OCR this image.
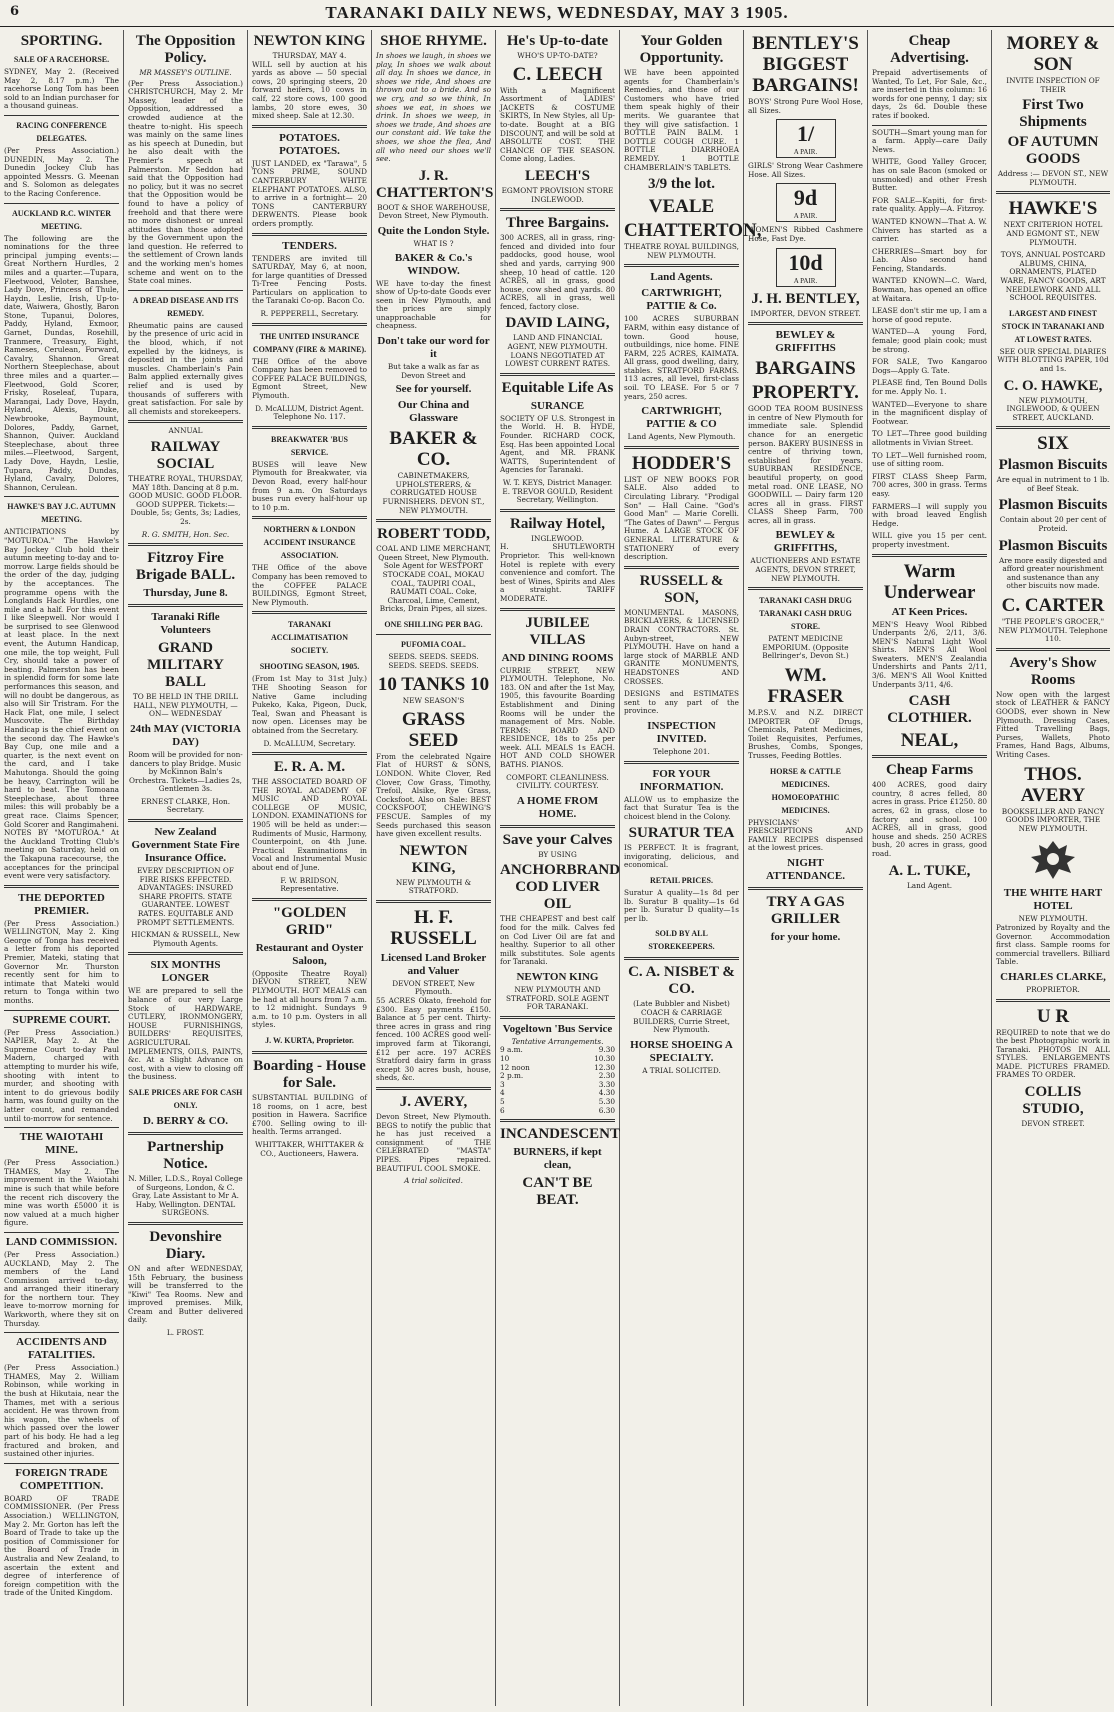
6	TARANAKI DAILY NEWS, WEDNESDAY, MAY 3 1905.
SPORTING.
SALE OF A RACEHORSE.
SYDNEY, May 2. (Received May 2, 8.17 p.m.) The racehorse Long Tom has been sold to an Indian purchaser for a thousand guineas.
RACING CONFERENCE DELEGATES.
(Per Press Association.) DUNEDIN, May 2. The Dunedin Jockey Club has appointed Messrs. G. Meenan and S. Solomon as delegates to the Racing Conference.
AUCKLAND R.C. WINTER MEETING.
The following are the nominations for the three principal jumping events:— Great Northern Hurdles, 2 miles and a quarter.—Tupara, Fleetwood, Veloter, Banshee, Lady Dove, Princess of Thule, Haydn, Leslie, Irish, Up-to-date, Waiwera, Ghostly, Baron Stone, Tupanui, Dolores, Paddy, Hyland, Exmoor, Garnet, Dundas, Rosehill, Tranmere, Treasury, Eight, Rameses, Cerulean, Forward, Cavalry, Shannon. Great Northern Steeplechase, about three miles and a quarter.—Fleetwood, Gold Scorer, Frisky, Roseleaf, Tupara, Marangai, Lady Dove, Haydn, Hyland, Alexis, Duke, Newbrooke, Baymount, Dolores, Paddy, Garnet, Shannon, Quiver. Auckland Steeplechase, about three miles.—Fleetwood, Sargent, Lady Dove, Haydn, Leslie, Tupara, Paddy, Dundas, Hyland, Cavalry, Dolores, Shannon, Cerulean.
HAWKE'S BAY J.C. AUTUMN MEETING.
ANTICIPATIONS by "MOTUROA." The Hawke's Bay Jockey Club hold their autumn meeting to-day and to-morrow. Large fields should be the order of the day, judging by the acceptances. The programme opens with the Longlands Hack Hurdles, one mile and a half. For this event I like Sleepwell. Nor would I be surprised to see Glenwood at least place. In the next event, the Autumn Handicap, one mile, the top weight, Full Cry, should take a power of beating. Palmerston has been in splendid form for some late performances this season, and will no doubt be dangerous, as also will Sir Tristram. For the Hack Flat, one mile, I select Muscovite. The Birthday Handicap is the chief event on the second day. The Hawke's Bay Cup, one mile and a quarter, is the next event on the card, and I take Mahutonga. Should the going be heavy, Carrington will be hard to beat. The Tomoana Steeplechase, about three miles: this will probably be a great race. Claims Spencer, Gold Scorer and Rangimaheni. NOTES BY "MOTUROA." At the Auckland Trotting Club's meeting on Saturday, held on the Takapuna racecourse, the acceptances for the principal event were very satisfactory.
THE DEPORTED PREMIER.
(Per Press Association.) WELLINGTON, May 2. King George of Tonga has received a letter from his deported Premier, Mateki, stating that Governor Mr. Thurston recently sent for him to intimate that Mateki would return to Tonga within two months.
SUPREME COURT.
(Per Press Association.) NAPIER, May 2. At the Supreme Court to-day Paul Madern, charged with attempting to murder his wife, shooting with intent to murder, and shooting with intent to do grievous bodily harm, was found guilty on the latter count, and remanded until to-morrow for sentence.
THE WAIOTAHI MINE.
(Per Press Association.) THAMES, May 2. The improvement in the Waiotahi mine is such that while before the recent rich discovery the mine was worth £5000 it is now valued at a much higher figure.
LAND COMMISSION.
(Per Press Association.) AUCKLAND, May 2. The members of the Land Commission arrived to-day, and arranged their itinerary for the northern tour. They leave to-morrow morning for Warkworth, where they sit on Thursday.
ACCIDENTS AND FATALITIES.
(Per Press Association.) THAMES, May 2. William Robinson, while working in the bush at Hikutaia, near the Thames, met with a serious accident. He was thrown from his wagon, the wheels of which passed over the lower part of his body. He had a leg fractured and broken, and sustained other injuries.
FOREIGN TRADE COMPETITION.
BOARD OF TRADE COMMISSIONER. (Per Press Association.) WELLINGTON, May 2. Mr. Gorton has left the Board of Trade to take up the position of Commissioner for the Board of Trade in Australia and New Zealand, to ascertain the extent and degree of interference of foreign competition with the trade of the United Kingdom.
The Opposition Policy.
MR MASSEY'S OUTLINE.
(Per Press Association.) CHRISTCHURCH, May 2. Mr Massey, leader of the Opposition, addressed a crowded audience at the theatre to-night. His speech was mainly on the same lines as his speech at Dunedin, but he also dealt with the Premier's speech at Palmerston. Mr Seddon had said that the Opposition had no policy, but it was no secret that the Opposition would be found to have a policy of freehold and that there were no more dishonest or unreal attitudes than those adopted by the Government upon the land question. He referred to the settlement of Crown lands and the working men's homes scheme and went on to the State coal mines.
A DREAD DISEASE AND ITS REMEDY.
Rheumatic pains are caused by the presence of uric acid in the blood, which, if not expelled by the kidneys, is deposited in the joints and muscles. Chamberlain's Pain Balm applied externally gives relief and is used by thousands of sufferers with great satisfaction. For sale by all chemists and storekeepers.
ANNUAL
RAILWAY SOCIAL
THEATRE ROYAL, THURSDAY, MAY 18th. Dancing at 8 p.m. GOOD MUSIC. GOOD FLOOR. GOOD SUPPER. Tickets:—Double, 5s; Gents, 3s; Ladies, 2s.
R. G. SMITH, Hon. Sec.
Fitzroy Fire Brigade BALL.
Thursday, June 8.
Taranaki Rifle Volunteers
GRAND MILITARY BALL
TO BE HELD IN THE DRILL HALL, NEW PLYMOUTH, —ON— WEDNESDAY
24th MAY (VICTORIA DAY)
Room will be provided for non-dancers to play Bridge. Music by McKinnon Baln's Orchestra. Tickets—Ladies 2s, Gentlemen 3s.
ERNEST CLARKE, Hon. Secretary.
New Zealand Government State Fire Insurance Office.
EVERY DESCRIPTION OF FIRE RISKS EFFECTED. ADVANTAGES: INSURED SHARE PROFITS. STATE GUARANTEE. LOWEST RATES. EQUITABLE AND PROMPT SETTLEMENTS.
HICKMAN & RUSSELL, New Plymouth Agents.
SIX MONTHS LONGER
WE are prepared to sell the balance of our very Large Stock of HARDWARE, CUTLERY, IRONMONGERY, HOUSE FURNISHINGS, BUILDERS' REQUISITES, AGRICULTURAL IMPLEMENTS, OILS, PAINTS, &c. At a Slight Advance on cost, with a view to closing off the business.
SALE PRICES ARE FOR CASH ONLY.
D. BERRY & CO.
Partnership Notice.
N. Miller, L.D.S., Royal College of Surgeons, London, & C. Gray, Late Assistant to Mr A. Haby, Wellington. DENTAL SURGEONS.
Devonshire Diary.
ON and after WEDNESDAY, 15th February, the business will be transferred to the "Kiwi" Tea Rooms. New and improved premises. Milk, Cream and Butter delivered daily.
L. FROST.
NEWTON KING
THURSDAY, MAY 4.
WILL sell by auction at his yards as above — 50 special cows, 20 springing steers, 20 forward heifers, 10 cows in calf, 22 store cows, 100 good lambs, 20 store ewes, 30 mixed sheep. Sale at 12.30.
POTATOES. POTATOES.
JUST LANDED, ex "Tarawa", 5 TONS PRIME, SOUND CANTERBURY WHITE ELEPHANT POTATOES. ALSO, to arrive in a fortnight— 20 TONS CANTERBURY DERWENTS. Please book orders promptly.
TENDERS.
TENDERS are invited till SATURDAY, May 6, at noon, for large quantities of Dressed Ti-Tree Fencing Posts. Particulars on application to the Taranaki Co-op. Bacon Co.
R. PEPPERELL, Secretary.
THE UNITED INSURANCE COMPANY (FIRE & MARINE).
THE Office of the above Company has been removed to COFFEE PALACE BUILDINGS, Egmont Street, New Plymouth.
D. McALLUM, District Agent. Telephone No. 117.
BREAKWATER 'BUS SERVICE.
BUSES will leave New Plymouth for Breakwater, via Devon Road, every half-hour from 9 a.m. On Saturdays buses run every half-hour up to 10 p.m.
NORTHERN & LONDON ACCIDENT INSURANCE ASSOCIATION.
THE Office of the above Company has been removed to the COFFEE PALACE BUILDINGS, Egmont Street, New Plymouth.
TARANAKI ACCLIMATISATION SOCIETY.
SHOOTING SEASON, 1905.
(From 1st May to 31st July.) THE Shooting Season for Native Game including Pukeko, Kaka, Pigeon, Duck, Teal, Swan and Pheasant is now open. Licenses may be obtained from the Secretary.
D. McALLUM, Secretary.
E. R. A. M.
THE ASSOCIATED BOARD OF THE ROYAL ACADEMY OF MUSIC AND ROYAL COLLEGE OF MUSIC, LONDON. EXAMINATIONS for 1905 will be held as under:— Rudiments of Music, Harmony, Counterpoint, on 4th June. Practical Examinations in Vocal and Instrumental Music about end of June.
F. W. BRIDSON, Representative.
"GOLDEN GRID"
Restaurant and Oyster Saloon,
(Opposite Theatre Royal) DEVON STREET, NEW PLYMOUTH. HOT MEALS can be had at all hours from 7 a.m. to 12 midnight. Sundays 9 a.m. to 10 p.m. Oysters in all styles.
J. W. KURTA, Proprietor.
Boarding - House for Sale.
SUBSTANTIAL BUILDING of 18 rooms, on 1 acre, best position in Hawera. Sacrifice £700. Selling owing to ill-health. Terms arranged.
WHITTAKER, WHITTAKER & CO., Auctioneers, Hawera.
SHOE RHYME.
In shoes we laugh, in shoes we play, In shoes we walk about all day. In shoes we dance, in shoes we ride, And shoes are thrown out to a bride. And so we cry, and so we think, In shoes we eat, in shoes we drink. In shoes we weep, in shoes we trade, And shoes are our constant aid. We take the shoes, we shoe the flea, And all who need our shoes we'll see.
J. R. CHATTERTON'S
BOOT & SHOE WAREHOUSE, Devon Street, New Plymouth.
Quite the London Style.
WHAT IS ?
BAKER & Co.'s WINDOW.
WE have to-day the finest show of Up-to-date Goods ever seen in New Plymouth, and the prices are simply unapproachable for cheapness.
Don't take our word for it
But take a walk as far as Devon Street and
See for yourself.
Our China and Glassware
BAKER & CO.
CABINETMAKERS, UPHOLSTERERS, & CORRUGATED HOUSE FURNISHERS. DEVON ST., NEW PLYMOUTH.
ROBERT TODD,
COAL AND LIME MERCHANT, Queen Street, New Plymouth. Sole Agent for WESTPORT STOCKADE COAL, MOKAU COAL, TAUPIRI COAL, RAUMATI COAL. Coke, Charcoal, Lime, Cement, Bricks, Drain Pipes, all sizes.
ONE SHILLING PER BAG.
PUFOMIA COAL.
SEEDS. SEEDS. SEEDS. SEEDS. SEEDS. SEEDS.
10 TANKS 10
NEW SEASON'S
GRASS SEED
From the celebrated Ngaire Flat of HURST & SONS, LONDON. White Clover, Red Clover, Cow Grass, Timothy, Trefoil, Alsike, Rye Grass, Cocksfoot. Also on Sale: BEST COCKSFOOT, CHEWING'S FESCUE. Samples of my Seeds purchased this season have given excellent results.
NEWTON KING,
NEW PLYMOUTH & STRATFORD.
H. F. RUSSELL
Licensed Land Broker and Valuer
DEVON STREET, New Plymouth.
55 ACRES Okato, freehold for £300. Easy payments £150. Balance at 5 per cent. Thirty-three acres in grass and ring fenced. 100 ACRES good well-improved farm at Tikorangi, £12 per acre. 197 ACRES Stratford dairy farm in grass except 30 acres bush, house, sheds, &c.
J. AVERY,
Devon Street, New Plymouth. BEGS to notify the public that he has just received a consignment of THE CELEBRATED "MASTA" PIPES. Pipes repaired. BEAUTIFUL COOL SMOKE.
A trial solicited.
He's Up-to-date
WHO'S UP-TO-DATE?
C. LEECH
With a Magnificent Assortment of LADIES' JACKETS & COSTUME SKIRTS, In New Styles, all Up-to-date. Bought at a BIG DISCOUNT, and will be sold at ABSOLUTE COST. THE CHANCE OF THE SEASON. Come along, Ladies.
LEECH'S
EGMONT PROVISION STORE INGLEWOOD.
Three Bargains.
300 ACRES, all in grass, ring-fenced and divided into four paddocks, good house, wool shed and yards, carrying 900 sheep, 10 head of cattle. 120 ACRES, all in grass, good house, cow shed and yards. 80 ACRES, all in grass, well fenced, factory close.
DAVID LAING,
LAND AND FINANCIAL AGENT, NEW PLYMOUTH. LOANS NEGOTIATED AT LOWEST CURRENT RATES.
Equitable Life As
SURANCE
SOCIETY OF U.S. Strongest in the World. H. B. HYDE, Founder. RICHARD COCK, Esq. Has been appointed Local Agent, and MR. FRANK WATTS, Superintendent of Agencies for Taranaki.
W. T. KEYS, District Manager. E. TREVOR GOULD, Resident Secretary, Wellington.
Railway Hotel,
INGLEWOOD.
H. SHUTLEWORTH Proprietor. This well-known Hotel is replete with every convenience and comfort. The best of Wines, Spirits and Ales a straight. TARIFF MODERATE.
JUBILEE VILLAS
AND DINING ROOMS
CURRIE STREET, NEW PLYMOUTH. Telephone, No. 183. ON and after the 1st May, 1905, this favourite Boarding Establishment and Dining Rooms will be under the management of Mrs. Noble. TERMS: BOARD AND RESIDENCE, 18s to 25s per week. ALL MEALS 1s EACH. HOT AND COLD SHOWER BATHS. PIANOS.
COMFORT. CLEANLINESS. CIVILITY. COURTESY.
A HOME FROM HOME.
Save your Calves
BY USING
ANCHORBRAND COD LIVER OIL
THE CHEAPEST and best calf food for the milk. Calves fed on Cod Liver Oil are fat and healthy. Superior to all other milk substitutes. Sole agents for Taranaki.
NEWTON KING
NEW PLYMOUTH AND STRATFORD. SOLE AGENT FOR TARANAKI.
Vogeltown 'Bus Service
Tentative Arrangements.
9 a.m.	9.30
10	10.30
12 noon	12.30
2 p.m.	2.30
3	3.30
4	4.30
5	5.30
6	6.30
INCANDESCENT
BURNERS, if kept clean,
CAN'T BE BEAT.
Your Golden Opportunity.
WE have been appointed agents for Chamberlain's Remedies, and those of our Customers who have tried them speak highly of their merits. We guarantee that they will give satisfaction. 1 BOTTLE PAIN BALM. 1 DOTTLE COUGH CURE. 1 BOTTLE DIARRHOEA REMEDY. 1 BOTTLE CHAMBERLAIN'S TABLETS.
3/9 the lot.
VEALE
CHATTERTON,
THEATRE ROYAL BUILDINGS, NEW PLYMOUTH.
Land Agents.
CARTWRIGHT, PATTIE & Co.
100 ACRES SUBURBAN FARM, within easy distance of town. Good house, outbuildings, nice home. FINE FARM, 225 ACRES, KAIMATA. All grass, good dwelling, dairy, stables. STRATFORD FARMS. 113 acres, all level, first-class soil. TO LEASE. For 5 or 7 years, 250 acres.
CARTWRIGHT, PATTIE & CO
Land Agents, New Plymouth.
HODDER'S
LIST OF NEW BOOKS FOR SALE. Also added to Circulating Library. "Prodigal Son" — Hall Caine. "God's Good Man" — Marie Corelli. "The Gates of Dawn" — Fergus Hume. A LARGE STOCK OF GENERAL LITERATURE & STATIONERY of every description.
RUSSELL & SON,
MONUMENTAL MASONS, BRICKLAYERS, & LICENSED DRAIN CONTRACTORS. St. Aubyn-street, NEW PLYMOUTH. Have on hand a large stock of MARBLE AND GRANITE MONUMENTS, HEADSTONES AND CROSSES.
DESIGNS and ESTIMATES sent to any part of the province.
INSPECTION INVITED.
Telephone 201.
FOR YOUR INFORMATION.
ALLOW us to emphasize the fact that Suratur Tea is the choicest blend in the Colony.
SURATUR TEA
IS PERFECT. It is fragrant, invigorating, delicious, and economical.
RETAIL PRICES.
Suratur A quality—1s 8d per lb. Suratur B quality—1s 6d per lb. Suratur D quality—1s per lb.
SOLD BY ALL STOREKEEPERS.
C. A. NISBET & CO.
(Late Bubbler and Nisbet) COACH & CARRIAGE BUILDERS, Currie Street, New Plymouth.
HORSE SHOEING A SPECIALTY.
A TRIAL SOLICITED.
BENTLEY'S BIGGEST BARGAINS!
BOYS' Strong Pure Wool Hose, all Sizes.
1/
A PAIR.
GIRLS' Strong Wear Cashmere Hose. All Sizes.
9d
A PAIR.
WOMEN'S Ribbed Cashmere Hose, Fast Dye.
10d
A PAIR.
J. H. BENTLEY,
IMPORTER, DEVON STREET.
BEWLEY & GRIFFITHS
BARGAINS
PROPERTY.
GOOD TEA ROOM BUSINESS in centre of New Plymouth for immediate sale. Splendid chance for an energetic person. BAKERY BUSINESS in centre of thriving town, established for years. SUBURBAN RESIDENCE, beautiful property, on good metal road. ONE LEASE, NO GOODWILL — Dairy farm 120 acres all in grass. FIRST CLASS Sheep Farm, 700 acres, all in grass.
BEWLEY & GRIFFITHS,
AUCTIONEERS AND ESTATE AGENTS, DEVON STREET, NEW PLYMOUTH.
TARANAKI CASH DRUG TARANAKI CASH DRUG STORE.
PATENT MEDICINE EMPORIUM. (Opposite Bellringer's, Devon St.)
WM. FRASER
M.P.S.V. and N.Z. DIRECT IMPORTER OF Drugs, Chemicals, Patent Medicines, Toilet Requisites, Perfumes, Brushes, Combs, Sponges, Trusses, Feeding Bottles.
HORSE & CATTLE MEDICINES. HOMOEOPATHIC MEDICINES.
PHYSICIANS' PRESCRIPTIONS AND FAMILY RECIPES dispensed at the lowest prices.
NIGHT ATTENDANCE.
TRY A GAS GRILLER
for your home.
Cheap Advertising.
Prepaid advertisements of Wanted, To Let, For Sale, &c., are inserted in this column: 16 words for one penny, 1 day; six days, 2s 6d. Double these rates if booked.
SOUTH—Smart young man for a farm. Apply—care Daily News.
WHITE, Good Yalley Grocer, has on sale Bacon (smoked or unsmoked) and other Fresh Butter.
FOR SALE—Kapiti, for first-rate quality. Apply—A. Fitzroy.
WANTED KNOWN—That A. W. Chivers has started as a carrier.
CHERRIES—Smart boy for Lab. Also second hand Fencing, Standards.
WANTED KNOWN—C. Ward, Bowman, has opened an office at Waitara.
LEASE don't stir me up, I am a horse of good repute.
WANTED—A young Ford, female; good plain cook; must be strong.
FOR SALE, Two Kangaroo Dogs—Apply G. Tate.
PLEASE find, Ten Bound Dolls for me. Apply No. 1.
WANTED—Everyone to share in the magnificent display of Footwear.
TO LET—Three good building allotments in Vivian Street.
TO LET—Well furnished room, use of sitting room.
FIRST CLASS Sheep Farm, 700 acres, 300 in grass. Terms easy.
FARMERS—I will supply you with broad leaved English Hedge.
WILL give you 15 per cent. property investment.
Warm Underwear
AT Keen Prices.
MEN'S Heavy Wool Ribbed Underpants 2/6, 2/11, 3/6. MEN'S Natural Light Wool Shirts. MEN'S All Wool Sweaters. MEN'S Zealandia Undershirts and Pants 2/11, 3/6. MEN'S All Wool Knitted Underpants 3/11, 4/6.
CASH CLOTHIER.
NEAL,
Cheap Farms
400 ACRES, good dairy country, 8 acres felled, 80 acres in grass. Price £1250. 80 acres, 62 in grass, close to factory and school. 100 ACRES, all in grass, good house and sheds. 250 ACRES bush, 20 acres in grass, good road.
A. L. TUKE,
Land Agent.
MOREY & SON
INVITE INSPECTION OF THEIR
First Two Shipments
OF AUTUMN GOODS
Address :— DEVON ST., NEW PLYMOUTH.
HAWKE'S
NEXT CRITERION HOTEL AND EGMONT ST., NEW PLYMOUTH.
TOYS, ANNUAL POSTCARD ALBUMS, CHINA, ORNAMENTS, PLATED WARE, FANCY GOODS, ART NEEDLEWORK AND ALL SCHOOL REQUISITES.
LARGEST AND FINEST STOCK IN TARANAKI AND AT LOWEST RATES.
SEE OUR SPECIAL DIARIES WITH BLOTTING PAPER, 10d and 1s.
C. O. HAWKE,
NEW PLYMOUTH, INGLEWOOD, & QUEEN STREET, AUCKLAND.
SIX
Plasmon Biscuits
Are equal in nutriment to 1 lb. of Beef Steak.
Plasmon Biscuits
Contain about 20 per cent of Proteid.
Plasmon Biscuits
Are more easily digested and afford greater nourishment and sustenance than any other biscuits now made.
C. CARTER
"THE PEOPLE'S GROCER," NEW PLYMOUTH. Telephone 110.
Avery's Show Rooms
Now open with the largest stock of LEATHER & FANCY GOODS, ever shown in New Plymouth. Dressing Cases, Fitted Travelling Bags, Purses, Wallets, Photo Frames, Hand Bags, Albums, Writing Cases.
THOS. AVERY
BOOKSELLER AND FANCY GOODS IMPORTER, THE NEW PLYMOUTH.
THE WHITE HART HOTEL
NEW PLYMOUTH.
Patronized by Royalty and the Governor. Accommodation first class. Sample rooms for commercial travellers. Billiard Table.
CHARLES CLARKE,
PROPRIETOR.
U R
REQUIRED to note that we do the best Photographic work in Taranaki. PHOTOS IN ALL STYLES. ENLARGEMENTS MADE. PICTURES FRAMED. FRAMES TO ORDER.
COLLIS STUDIO,
DEVON STREET.
